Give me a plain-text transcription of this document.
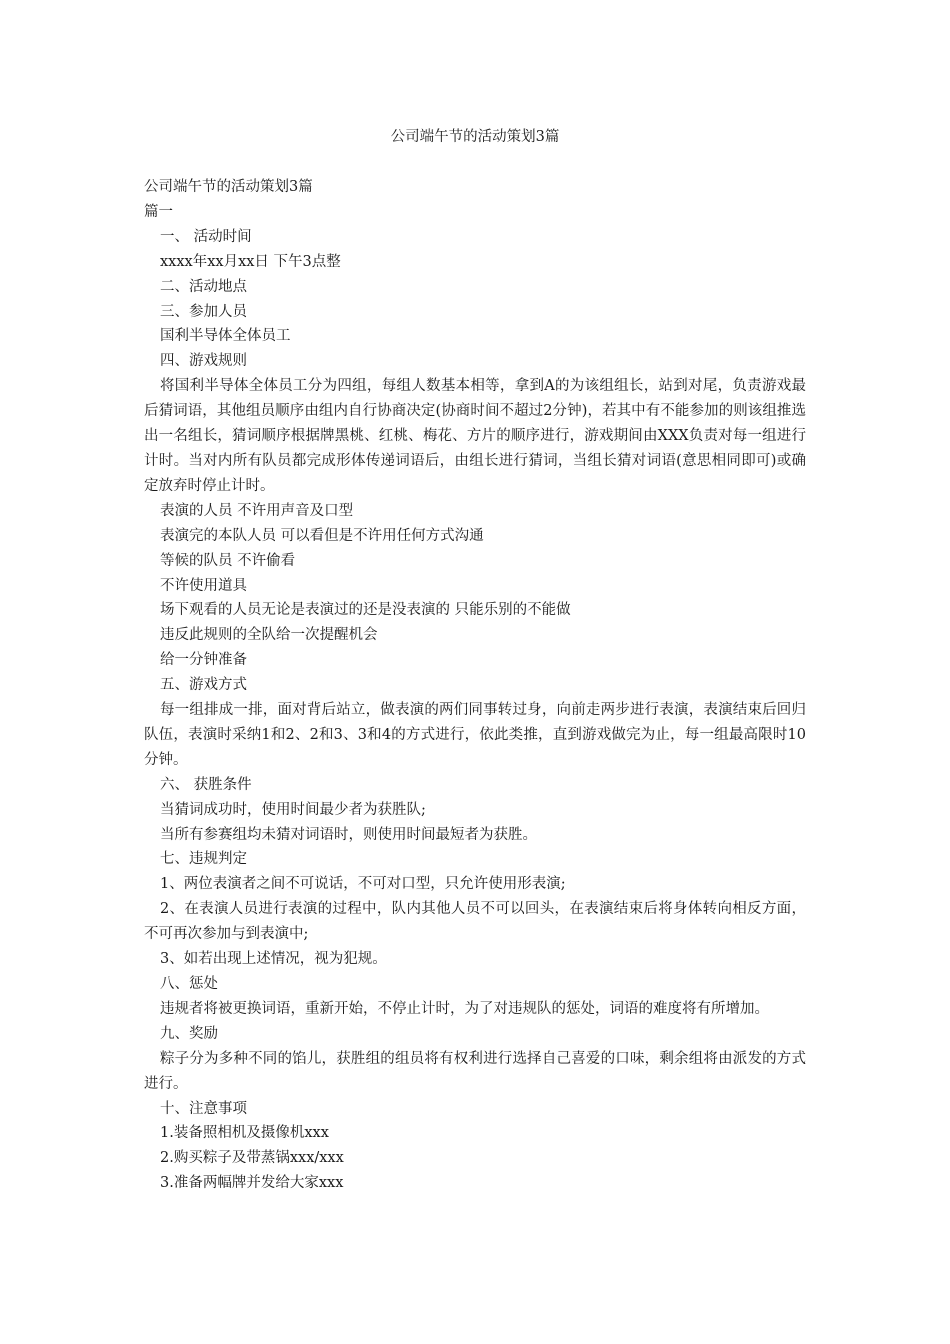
公司端午节的活动策划3篇

公司端午节的活动策划3篇

篇一

一、 活动时间

xxxx年xx月xx日 下午3点整

二、活动地点

三、参加人员

国利半导体全体员工

四、游戏规则

将国利半导体全体员工分为四组，每组人数基本相等，拿到A的为该组组长，站到对尾，负责游戏最后猜词语，其他组员顺序由组内自行协商决定(协商时间不超过2分钟)，若其中有不能参加的则该组推选出一名组长，猜词顺序根据牌黑桃、红桃、梅花、方片的顺序进行，游戏期间由XXX负责对每一组进行计时。当对内所有队员都完成形体传递词语后，由组长进行猜词，当组长猜对词语(意思相同即可)或确定放弃时停止计时。

表演的人员 不许用声音及口型

表演完的本队人员 可以看但是不许用任何方式沟通

等候的队员 不许偷看

不许使用道具

场下观看的人员无论是表演过的还是没表演的 只能乐别的不能做

违反此规则的全队给一次提醒机会

给一分钟准备

五、游戏方式

每一组排成一排，面对背后站立，做表演的两们同事转过身，向前走两步进行表演，表演结束后回归队伍，表演时采纳1和2、2和3、3和4的方式进行，依此类推，直到游戏做完为止，每一组最高限时10分钟。

六、 获胜条件

当猜词成功时，使用时间最少者为获胜队;

当所有参赛组均未猜对词语时，则使用时间最短者为获胜。

七、违规判定

1、两位表演者之间不可说话，不可对口型，只允许使用形表演;

2、在表演人员进行表演的过程中，队内其他人员不可以回头，在表演结束后将身体转向相反方面，不可再次参加与到表演中;

3、如若出现上述情况，视为犯规。

八、惩处

违规者将被更换词语，重新开始，不停止计时，为了对违规队的惩处，词语的难度将有所增加。

九、奖励

粽子分为多种不同的馅儿，获胜组的组员将有权利进行选择自己喜爱的口味，剩余组将由派发的方式进行。

十、注意事项

1.装备照相机及摄像机xxx

2.购买粽子及带蒸锅xxx/xxx

3.准备两幅牌并发给大家xxx
